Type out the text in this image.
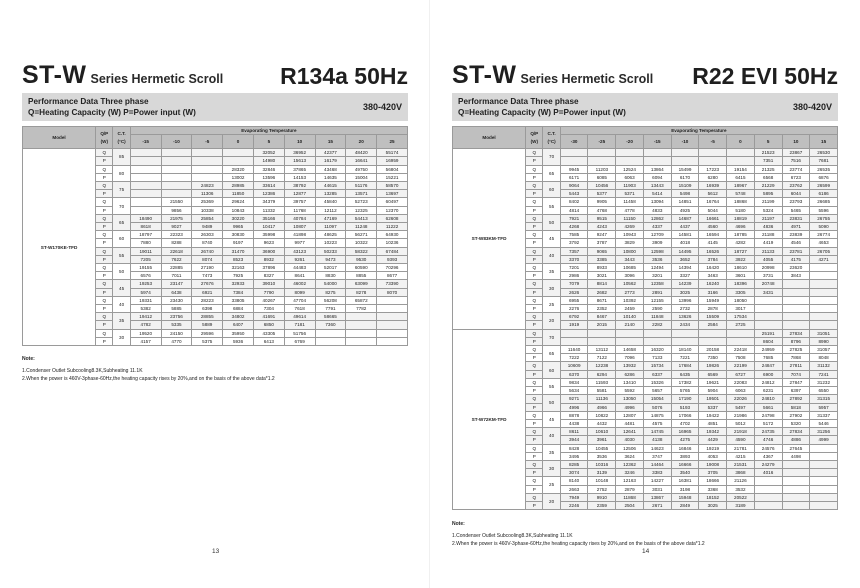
ST-W Series Hermetic Scroll R134a 50Hz
Performance Data Three phase
Q=Heating Capacity (W) P=Power input (W)
380-420V
Model	Q/P (W)	C.T. (°C)	Evaporating Temperature								
			-15	-10	-5	0	5	10	15	20	25
ST-W170KE-TFD	Q	85					32052	36952	42377	48420	55174
	P						14980	15613	16179	16641	16959
	Q	80				28320	32846	37865	43468	49750	56804
	P					13002	13596	14153	14635	15004	15221
	Q	75			24823	28985	33614	38792	44615	51176	58570
	P				11306	11850	12386	12877	13285	13571	13697
	Q	70		21550	25369	29624	34379	39757	45840	52723	60497
	P			9856	10338	10843	11332	11768	12112	12325	12370
	Q	65	18490	21975	25854	30220	35166	40784	47169	54413	62608
	P		8618	9027	9489	9965	10417	10807	11097	11248	11222
	Q	60	18797	22323	26303	30830	35998	41898	48625	56271	64930
	P		7880	8288	8740	9197	9623	9977	10223	10322	10236
	Q	55	19011	22618	26740	31470	36900	43123	50233	58322	67484
	P		7205	7622	8074	8523	8932	9261	9473	9530	9393
	Q	50	19155	22885	27190	32163	37896	44483	52017	60590	70296
	P		6576	7011	7473	7925	8327	8641	8830	8855	8677
	Q	45	19253	23147	27676	32933	39010	46002	54000	63099	73390
	P		5974	6438	6921	7384	7790	8099	8275	8278	8070
	Q	40	19331	23430	28223	33805	40267	47704	56208	65872	
	P		5382	5885	6398	6884	7304	7618	7791	7782	
	Q	35	19412	23756	28855	34802	41691	49614	58665		
	P		4782	5335	5889	6407	6850	7181	7360		
	Q	30	19520	24150	29596	35950	43305	51756			
	P		4157	4770	5375	5936	6413	6769			
Note:
1.Condenser Outlet Subcooling8.3K,Subheating 11.1K
2.When the power is 460V-3phase-60Hz,the heating capacity rises by 20%,and on the basis of the above data*1.2
13
ST-W Series Hermetic Scroll R22 EVI 50Hz
Performance Data Three phase
Q=Heating Capacity (W) P=Power input (W)
380-420V
Model	Q/P (W)	C.T. (°C)	Evaporating Temperature									
			-30	-25	-20	-15	-10	-5	0	5	10	15
ST-W83KM-TFD	Q	70								21523	23867	26530
	P									7351	7516	7681
	Q	65	9945	11203	12524	13864	15499	17223	19154	21325	23774	26535
	P		6171	6085	6063	6094	6170	6280	6415	6568	6723	6876
	Q	60	9064	10456	11903	13443	15109	16939	18967	21229	23762	26599
	P		5443	5377	5371	5414	5498	5612	5748	5895	6044	6186
	Q	55	8402	9905	11458	13094	14851	16764	18868	21199	23793	26685
	P		4814	4768	4778	4833	4925	5044	5180	5324	5465	5596
	Q	50	7921	9515	11150	12862	14687	16661	18819	21197	23831	26755
	P		4268	4243	4269	4337	4437	4560	4696	4836	4971	5090
	Q	45	7585	9247	10943	12709	14581	16594	18785	21188	23839	26774
	P		3792	3787	3829	3909	4018	4145	4282	4419	4546	4653
	Q	40	7357	9065	10800	12598	14495	16526	18727	21133	23781	26705
	P		3370	3385	3443	3536	3652	3784	3922	4055	4175	4271
	Q	35	7201	8933	10685	12494	14394	16420	18610	20998	23620	
	P		2986	3021	3096	3201	3327	3463	3601	3731	3843	
	Q	30	7079	8814	10562	12358	14239	16240	18396	20748		
	P		2626	2682	2773	2891	3025	3166	3305	3431		
	Q	25	6955	8671	10392	12155	13996	15949	18050			
	P		2276	2352	2459	2590	2732	2878	3017			
	Q	20	6792	8467	10140	11848	13626	15509	17534			
	P		1919	2015	2140	2282	2434	2584	2725			
ST-W72KM-TFD	Q	70								25191	27834	31051
	P									8604	8796	8990
	Q	65	11640	13112	14658	16320	18140	20158	22418	24959	27825	31057
	P		7222	7122	7096	7133	7221	7350	7508	7685	7868	8048
	Q	60	10609	12238	13932	15734	17684	19826	22199	24847	27811	31132
	P		6370	6294	6286	6337	6435	6569	6727	6900	7074	7241
	Q	55	9834	11593	13410	15326	17382	19621	22083	24812	27847	31232
	P		5634	5581	5592	5657	5765	5904	6063	6231	6397	6550
	Q	50	9271	11136	13050	15054	17190	19501	22026	24810	27892	31315
	P		4996	4966	4996	5076	5193	5337	5497	5661	5818	5957
	Q	45	8878	10822	12807	14875	17066	19422	21986	24798	27902	31337
	P		4438	4432	4481	4575	4702	4851	5012	5172	5320	5446
	Q	40	8611	10610	12641	14745	16965	19342	21918	24735	27834	31256
	P		3944	3961	4030	4138	4275	4429	4590	4746	4886	4999
	Q	35	8428	10455	12506	14623	16846	19219	21781	24576	27645	
	P		3495	3536	3624	3747	3893	4053	4215	4367	4498	
	Q	30	8285	10316	12362	14464	16666	19008	21531	24279		
	P		3074	3139	3246	3383	3540	3705	3868	4016		
	Q	25	8140	10148	12163	14227	16381	18666	21126			
	P		2663	2752	2879	3031	3198	3368	3532			
	Q	20	7949	9910	11868	13867	15948	18152	20522			
	P		2246	2359	2504	2671	2849	3025	3189			
Note:
1.Condenser Outlet Subcooling8.3K,Subheating 11.1K
2.When the power is 460V-3phase-60Hz,the heating capacity rises by 20%,and on the basis of the above data*1.2
14
